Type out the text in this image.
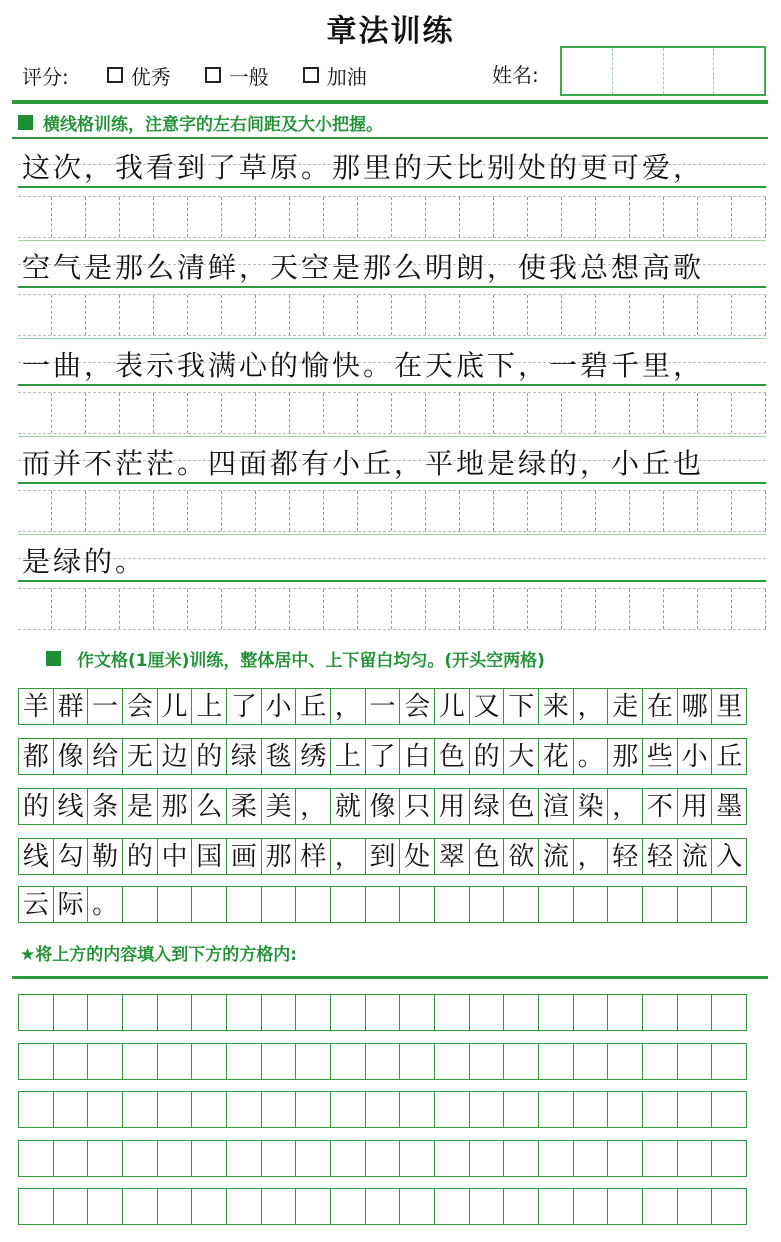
章法训练
评分:	优秀	一般	加油	姓名:
横线格训练，注意字的左右间距及大小把握。
这次，我看到了草原。那里的天比别处的更可爱，
空气是那么清鲜，天空是那么明朗，使我总想高歌
一曲，表示我满心的愉快。在天底下，一碧千里，
而并不茫茫。四面都有小丘，平地是绿的，小丘也
是绿的。
作文格(1厘米)训练，整体居中、上下留白均匀。(开头空两格)
羊 群 一 会 儿 上 了 小 丘 ， 一 会 儿 又 下 来 ， 走 在 哪 里
都 像 给 无 边 的 绿 毯 绣 上 了 白 色 的 大 花 。 那 些 小 丘
的 线 条 是 那 么 柔 美 ， 就 像 只 用 绿 色 渲 染 ， 不 用 墨
线 勾 勒 的 中 国 画 那 样 ， 到 处 翠 色 欲 流 ， 轻 轻 流 入
云 际 。
★将上方的内容填入到下方的方格内:
